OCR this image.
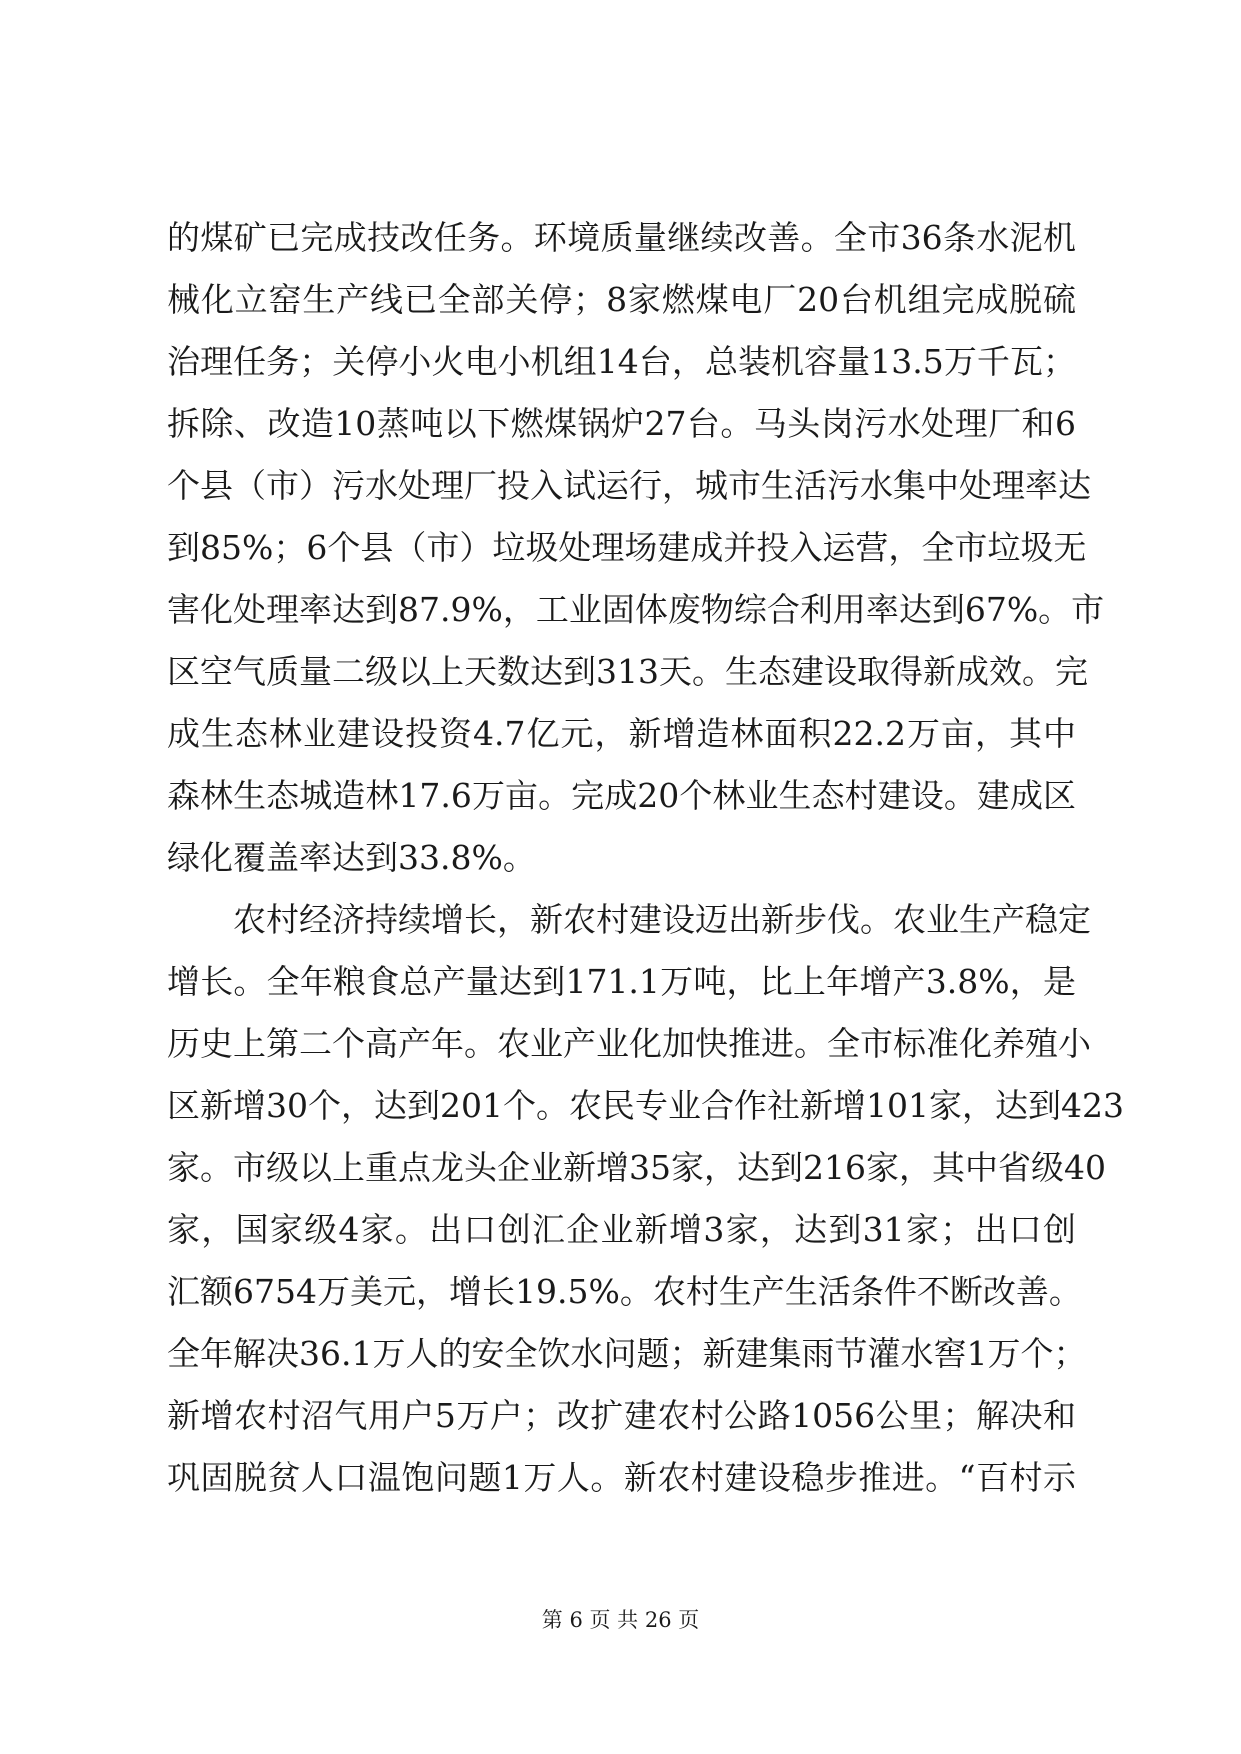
的煤矿已完成技改任务。环境质量继续改善。全市36条水泥机
械化立窑生产线已全部关停；8家燃煤电厂20台机组完成脱硫
治理任务；关停小火电小机组14台，总装机容量13.5万千瓦；
拆除、改造10蒸吨以下燃煤锅炉27台。马头岗污水处理厂和6
个县（市）污水处理厂投入试运行，城市生活污水集中处理率达
到85%；6个县（市）垃圾处理场建成并投入运营，全市垃圾无
害化处理率达到87.9%，工业固体废物综合利用率达到67%。市
区空气质量二级以上天数达到313天。生态建设取得新成效。完
成生态林业建设投资4.7亿元，新增造林面积22.2万亩，其中
森林生态城造林17.6万亩。完成20个林业生态村建设。建成区
绿化覆盖率达到33.8%。
农村经济持续增长，新农村建设迈出新步伐。农业生产稳定
增长。全年粮食总产量达到171.1万吨，比上年增产3.8%，是
历史上第二个高产年。农业产业化加快推进。全市标准化养殖小
区新增30个，达到201个。农民专业合作社新增101家，达到423
家。市级以上重点龙头企业新增35家，达到216家，其中省级40
家，国家级4家。出口创汇企业新增3家，达到31家；出口创
汇额6754万美元，增长19.5%。农村生产生活条件不断改善。
全年解决36.1万人的安全饮水问题；新建集雨节灌水窖1万个；
新增农村沼气用户5万户；改扩建农村公路1056公里；解决和
巩固脱贫人口温饱问题1万人。新农村建设稳步推进。“百村示
第 6 页 共 26 页
